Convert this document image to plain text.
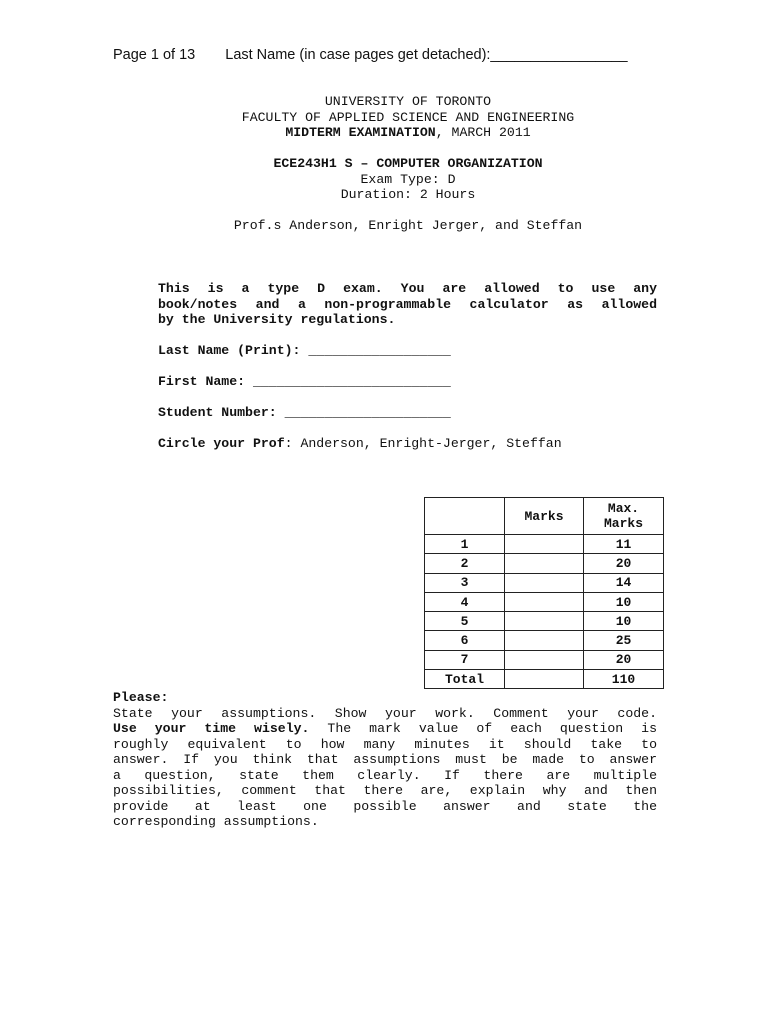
Page 1 of 13 Last Name (in case pages get detached):_________________
UNIVERSITY OF TORONTO
FACULTY OF APPLIED SCIENCE AND ENGINEERING
MIDTERM EXAMINATION, MARCH 2011
ECE243H1 S – COMPUTER ORGANIZATION
Exam Type: D
Duration: 2 Hours
Prof.s Anderson, Enright Jerger, and Steffan
This is a type D exam. You are allowed to use any
book/notes and a non-programmable calculator as allowed
by the University regulations.
Last Name (Print): __________________
First Name: _________________________
Student Number: _____________________
Circle your Prof: Anderson, Enright-Jerger, Steffan
	Marks	Max.
Marks
1		11
2		20
3		14
4		10
5		10
6		25
7		20
Total		110
Please:
State your assumptions. Show your work. Comment your code.
Use your time wisely. The mark value of each question is
roughly equivalent to how many minutes it should take to
answer. If you think that assumptions must be made to answer
a question, state them clearly. If there are multiple
possibilities, comment that there are, explain why and then
provide at least one possible answer and state the
corresponding assumptions.
